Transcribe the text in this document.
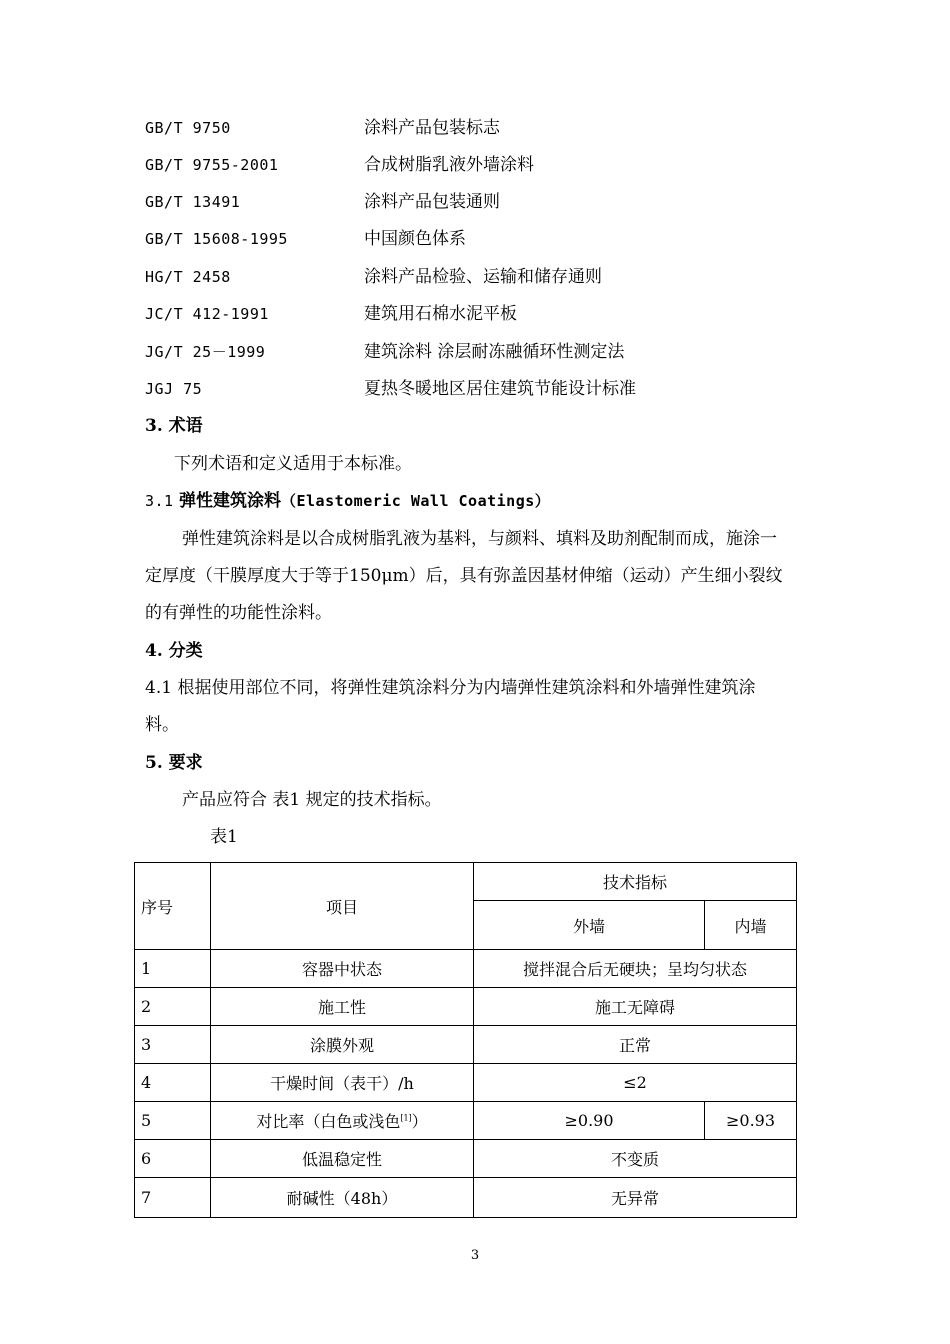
GB/T 9750	涂料产品包装标志
GB/T 9755-2001	合成树脂乳液外墙涂料
GB/T 13491	涂料产品包装通则
GB/T 15608-1995	中国颜色体系
HG/T 2458	涂料产品检验、运输和储存通则
JC/T 412-1991	建筑用石棉水泥平板
JG/T 25－1999	建筑涂料 涂层耐冻融循环性测定法
JGJ 75	夏热冬暖地区居住建筑节能设计标准
3. 术语
下列术语和定义适用于本标准。
3.1 弹性建筑涂料（Elastomeric Wall Coatings）
弹性建筑涂料是以合成树脂乳液为基料，与颜料、填料及助剂配制而成，施涂一
定厚度（干膜厚度大于等于150μm）后，具有弥盖因基材伸缩（运动）产生细小裂纹
的有弹性的功能性涂料。
4. 分类
4.1 根据使用部位不同，将弹性建筑涂料分为内墙弹性建筑涂料和外墙弹性建筑涂
料。
5. 要求
产品应符合 表1 规定的技术指标。
表1
序号	项目	技术指标	
		外墙	内墙
1	容器中状态	搅拌混合后无硬块；呈均匀状态	
2	施工性	施工无障碍	
3	涂膜外观	正常	
4	干燥时间（表干）/h	≤2	
5	对比率（白色或浅色[1]）	≥0.90	≥0.93
6	低温稳定性	不变质	
7	耐碱性（48h）	无异常	
3
